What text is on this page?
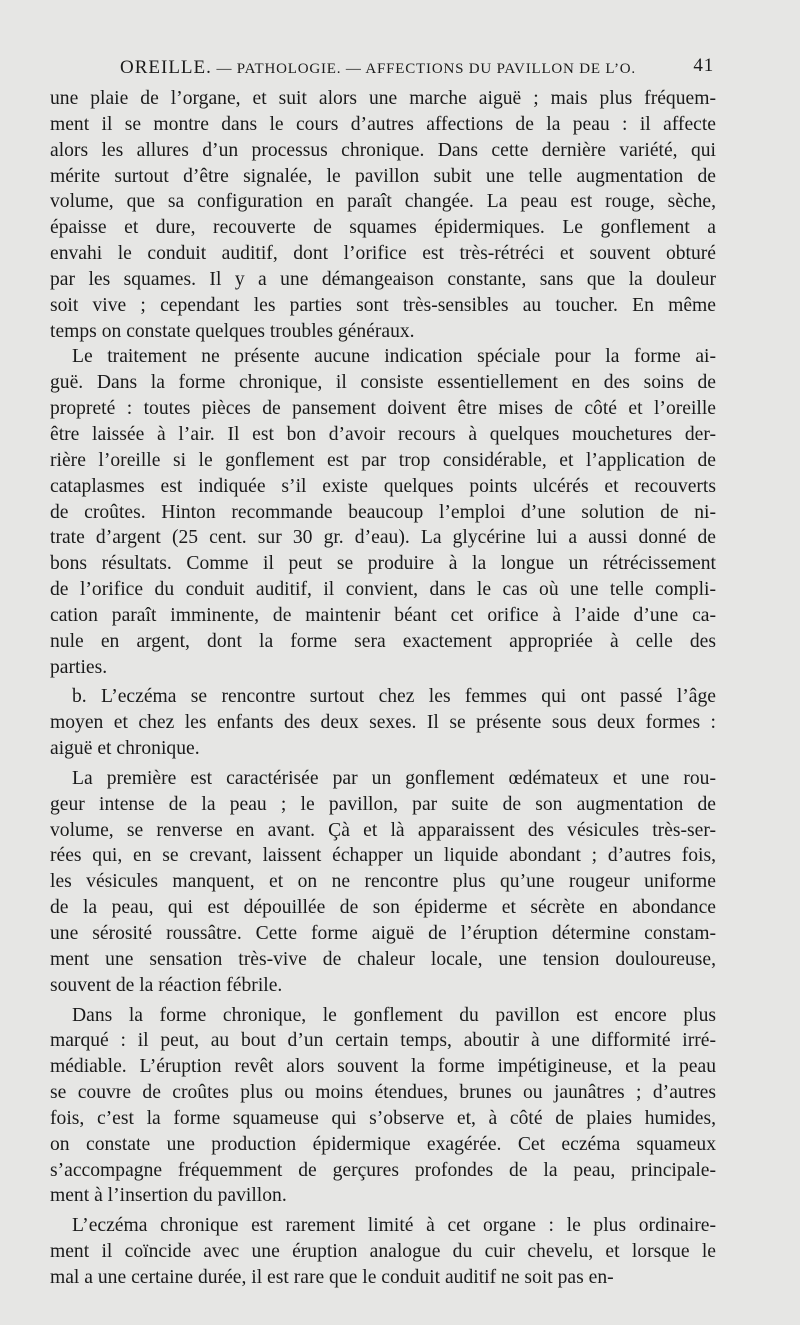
OREILLE. — PATHOLOGIE. — AFFECTIONS DU PAVILLON DE L’O.	41
une plaie de l’organe, et suit alors une marche aiguë ; mais plus fréquem-
ment il se montre dans le cours d’autres affections de la peau : il affecte
alors les allures d’un processus chronique. Dans cette dernière variété, qui
mérite surtout d’être signalée, le pavillon subit une telle augmentation de
volume, que sa configuration en paraît changée. La peau est rouge, sèche,
épaisse et dure, recouverte de squames épidermiques. Le gonflement a
envahi le conduit auditif, dont l’orifice est très-rétréci et souvent obturé
par les squames. Il y a une démangeaison constante, sans que la douleur
soit vive ; cependant les parties sont très-sensibles au toucher. En même
temps on constate quelques troubles généraux.
Le traitement ne présente aucune indication spéciale pour la forme ai-
guë. Dans la forme chronique, il consiste essentiellement en des soins de
propreté : toutes pièces de pansement doivent être mises de côté et l’oreille
être laissée à l’air. Il est bon d’avoir recours à quelques mouchetures der-
rière l’oreille si le gonflement est par trop considérable, et l’application de
cataplasmes est indiquée s’il existe quelques points ulcérés et recouverts
de croûtes. Hinton recommande beaucoup l’emploi d’une solution de ni-
trate d’argent (25 cent. sur 30 gr. d’eau). La glycérine lui a aussi donné de
bons résultats. Comme il peut se produire à la longue un rétrécissement
de l’orifice du conduit auditif, il convient, dans le cas où une telle compli-
cation paraît imminente, de maintenir béant cet orifice à l’aide d’une ca-
nule en argent, dont la forme sera exactement appropriée à celle des
parties.
b. L’eczéma se rencontre surtout chez les femmes qui ont passé l’âge
moyen et chez les enfants des deux sexes. Il se présente sous deux formes :
aiguë et chronique.
La première est caractérisée par un gonflement œdémateux et une rou-
geur intense de la peau ; le pavillon, par suite de son augmentation de
volume, se renverse en avant. Çà et là apparaissent des vésicules très-ser-
rées qui, en se crevant, laissent échapper un liquide abondant ; d’autres fois,
les vésicules manquent, et on ne rencontre plus qu’une rougeur uniforme
de la peau, qui est dépouillée de son épiderme et sécrète en abondance
une sérosité roussâtre. Cette forme aiguë de l’éruption détermine constam-
ment une sensation très-vive de chaleur locale, une tension douloureuse,
souvent de la réaction fébrile.
Dans la forme chronique, le gonflement du pavillon est encore plus
marqué : il peut, au bout d’un certain temps, aboutir à une difformité irré-
médiable. L’éruption revêt alors souvent la forme impétigineuse, et la peau
se couvre de croûtes plus ou moins étendues, brunes ou jaunâtres ; d’autres
fois, c’est la forme squameuse qui s’observe et, à côté de plaies humides,
on constate une production épidermique exagérée. Cet eczéma squameux
s’accompagne fréquemment de gerçures profondes de la peau, principale-
ment à l’insertion du pavillon.
L’eczéma chronique est rarement limité à cet organe : le plus ordinaire-
ment il coïncide avec une éruption analogue du cuir chevelu, et lorsque le
mal a une certaine durée, il est rare que le conduit auditif ne soit pas en-
